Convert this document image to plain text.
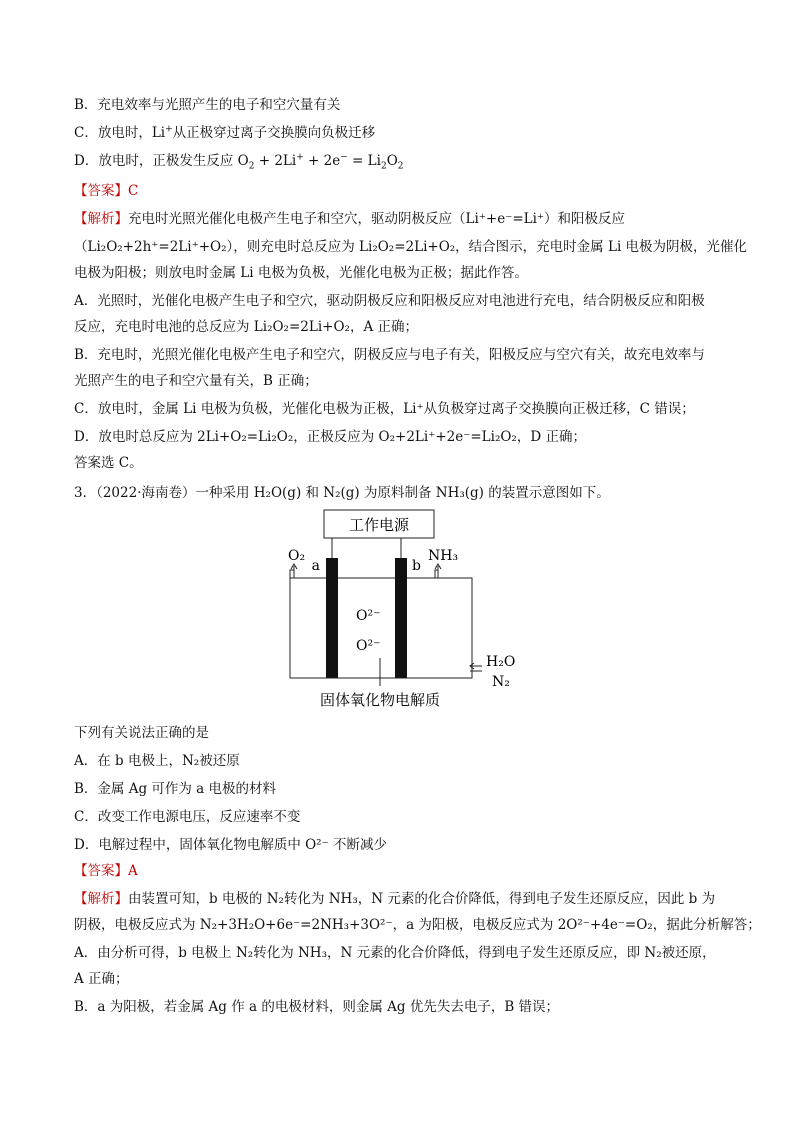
B．充电效率与光照产生的电子和空穴量有关
C．放电时，Li+从正极穿过离子交换膜向负极迁移
D．放电时，正极发生反应 $O_2 + 2Li^+ + 2e^- = Li_2O_2$
【答案】C
【解析】充电时光照光催化电极产生电子和空穴，驱动阴极反应（Li⁺+e⁻=Li⁺）和阳极反应
（Li₂O₂+2h⁺=2Li⁺+O₂），则充电时总反应为 Li₂O₂=2Li+O₂，结合图示，充电时金属 Li 电极为阴极，光催化
电极为阳极；则放电时金属 Li 电极为负极，光催化电极为正极；据此作答。
A．光照时，光催化电极产生电子和空穴，驱动阴极反应和阳极反应对电池进行充电，结合阴极反应和阳极
反应，充电时电池的总反应为 Li₂O₂=2Li+O₂，A 正确；
B．充电时，光照光催化电极产生电子和空穴，阴极反应与电子有关，阳极反应与空穴有关，故充电效率与
光照产生的电子和空穴量有关，B 正确；
C．放电时，金属 Li 电极为负极，光催化电极为正极，Li⁺从负极穿过离子交换膜向正极迁移，C 错误；
D．放电时总反应为 2Li+O₂=Li₂O₂，正极反应为 O₂+2Li⁺+2e⁻=Li₂O₂，D 正确；
答案选 C。
3．（2022·海南卷）一种采用 H₂O(g) 和 N₂(g) 为原料制备 NH₃(g) 的装置示意图如下。
工作电源
a	b
O₂	NH₃
O²⁻
O²⁻
H₂O
N₂
固体氧化物电解质
下列有关说法正确的是
A．在 b 电极上，N₂被还原
B．金属 Ag 可作为 a 电极的材料
C．改变工作电源电压，反应速率不变
D．电解过程中，固体氧化物电解质中 O²⁻ 不断减少
【答案】A
【解析】由装置可知，b 电极的 N₂转化为 NH₃，N 元素的化合价降低，得到电子发生还原反应，因此 b 为
阴极，电极反应式为 N₂+3H₂O+6e⁻=2NH₃+3O²⁻，a 为阳极，电极反应式为 2O²⁻+4e⁻=O₂，据此分析解答；
A．由分析可得，b 电极上 N₂转化为 NH₃，N 元素的化合价降低，得到电子发生还原反应，即 N₂被还原，
A 正确；
B．a 为阳极，若金属 Ag 作 a 的电极材料，则金属 Ag 优先失去电子，B 错误；
